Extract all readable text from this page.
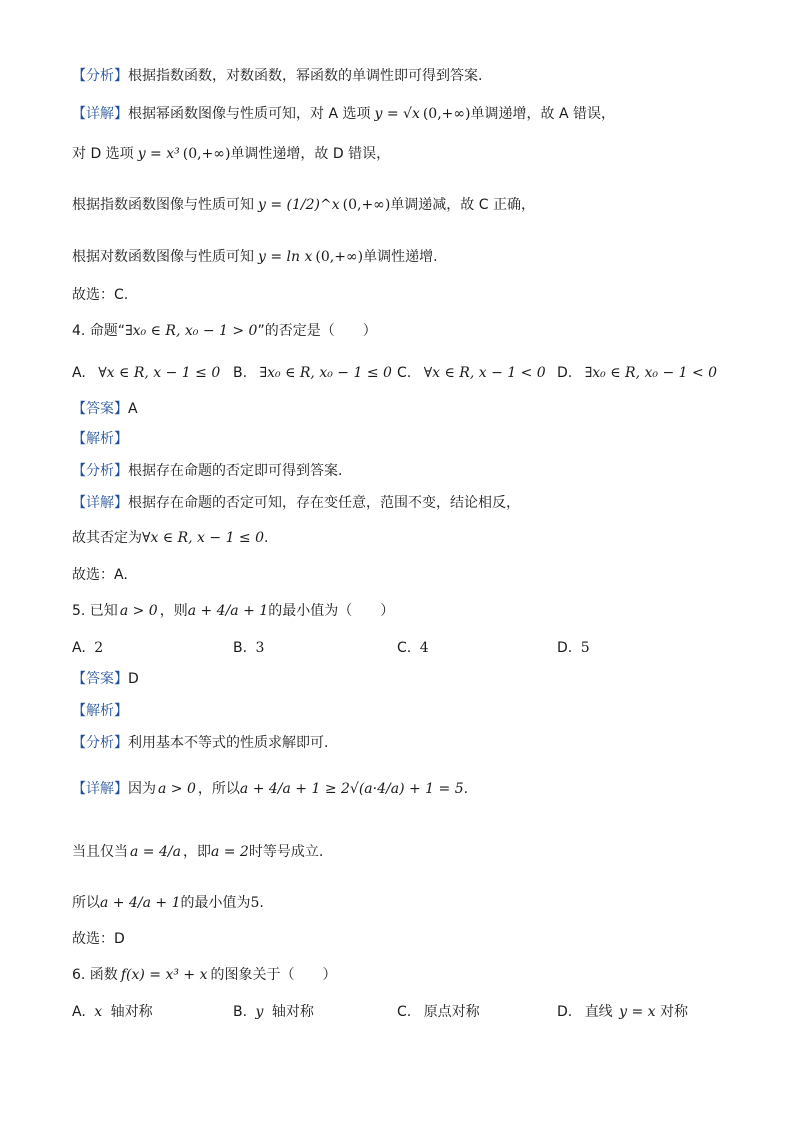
【分析】 根据指数函数，对数函数，幂函数的单调性即可得到答案.
【详解】 根据幂函数图像与性质可知，对 A 选项 y = √x (0,+∞) 单调递增，故 A 错误，
对 D 选项 y = x³ (0,+∞) 单调性递增，故 D 错误，
根据指数函数图像与性质可知 y = (1/2)^x (0,+∞) 单调递减，故 C 正确，
根据对数函数图像与性质可知 y = ln x (0,+∞) 单调性递增.
故选：C.
4. 命题“ ∃x₀ ∈ R, x₀ − 1 > 0 ”的否定是（　　）
A. ∀x ∈ R, x − 1 ≤ 0 B. ∃x₀ ∈ R, x₀ − 1 ≤ 0 C. ∀x ∈ R, x − 1 < 0 D. ∃x₀ ∈ R, x₀ − 1 < 0
【答案】 A
【解析】
【分析】 根据存在命题的否定即可得到答案.
【详解】 根据存在命题的否定可知，存在变任意，范围不变，结论相反，
故其否定为 ∀x ∈ R, x − 1 ≤ 0 .
故选：A.
5. 已知 a > 0 ，则 a + 4/a + 1 的最小值为（　　）
A. 2	B. 3	C. 4	D. 5
【答案】 D
【解析】
【分析】 利用基本不等式的性质求解即可.
【详解】 因为 a > 0 ，所以 a + 4/a + 1 ≥ 2√(a·4/a) + 1 = 5 .
当且仅当 a = 4/a ，即 a = 2 时等号成立.
所以 a + 4/a + 1 的最小值为 5 .
故选：D
6. 函数 f(x) = x³ + x 的图象关于（　　）
A. x 轴对称	B. y 轴对称	C. 原点对称	D. 直线 y = x 对称
